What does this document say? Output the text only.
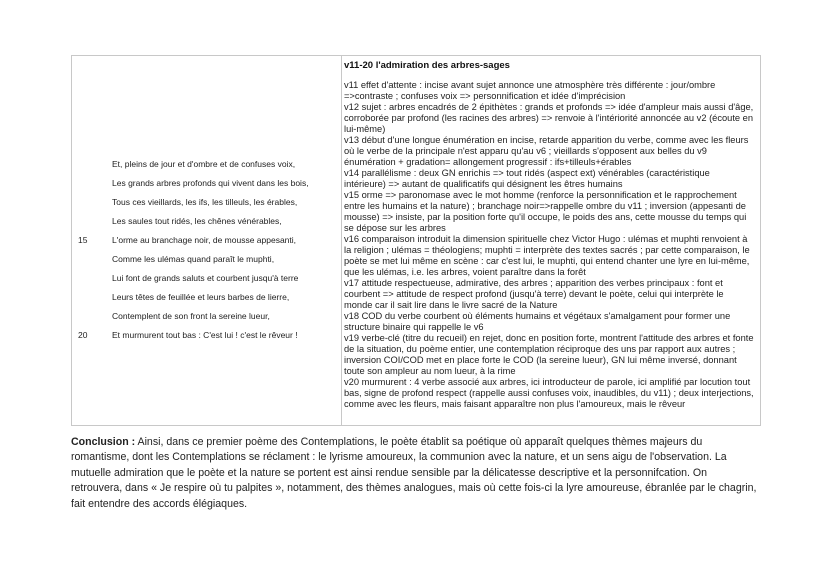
Et, pleins de jour et d'ombre et de confuses voix,
Les grands arbres profonds qui vivent dans les bois,
Tous ces vieillards, les ifs, les tilleuls, les érables,
Les saules tout ridés, les chênes vénérables,
15	L'orme au branchage noir, de mousse appesanti,
Comme les ulémas quand paraît le muphti,
Lui font de grands saluts et courbent jusqu'à terre
Leurs têtes de feuillée et leurs barbes de lierre,
Contemplent de son front la sereine lueur,
20	Et murmurent tout bas : C'est lui ! c'est le rêveur !

v11-20 l'admiration des arbres-sages

v11 effet d'attente : incise avant sujet annonce une atmosphère très différente : jour/ombre =>contraste ; confuses voix => personnification et idée d'imprécision

v12 sujet : arbres encadrés de 2 épithètes : grands et profonds => idée d'ampleur mais aussi d'âge, corroborée par profond (les racines des arbres) => renvoie à l'intériorité annoncée au v2 (écoute en lui-même)

v13 début d'une longue énumération en incise, retarde apparition du verbe, comme avec les fleurs où le verbe de la principale n'est apparu qu'au v6 ; vieillards s'opposent aux belles du v9

énumération + gradation= allongement progressif : ifs+tilleuls+érables

v14 parallélisme : deux GN enrichis => tout ridés (aspect ext) vénérables (caractéristique intérieure) => autant de qualificatifs qui désignent les êtres humains

v15 orme => paronomase avec le mot homme (renforce la personnification et le rapprochement entre les humains et la nature) ; branchage noir=>rappelle ombre du v11 ; inversion (appesanti de mousse) => insiste, par la position forte qu'il occupe, le poids des ans, cette mousse du temps qui se dépose sur les arbres

v16 comparaison introduit la dimension spirituelle chez Victor Hugo : ulémas et muphti renvoient à la religion ; ulémas = théologiens; muphti = interprète des textes sacrés ; par cette comparaison, le poète se met lui même en scène : car c'est lui, le muphti, qui entend chanter une lyre en lui-même, que les ulémas, i.e. les arbres, voient paraître dans la forêt

v17 attitude respectueuse, admirative, des arbres ; apparition des verbes principaux : font et courbent => attitude de respect profond (jusqu'à terre) devant le poète, celui qui interprète le monde car il sait lire dans le livre sacré de la Nature

v18 COD du verbe courbent où éléments humains et végétaux s'amalgament pour former une structure binaire qui rappelle le v6

v19 verbe-clé (titre du recueil) en rejet, donc en position forte, montrent l'attitude des arbres et fonte de la situation, du poème entier, une contemplation réciproque des uns par rapport aux autres ; inversion COI/COD met en place forte le COD (la sereine lueur), GN lui même inversé, donnant toute son ampleur au nom lueur, à la rime

v20 murmurent : 4 verbe associé aux arbres, ici introducteur de parole, ici amplifié par locution tout bas, signe de profond respect (rappelle aussi confuses voix, inaudibles, du v11) ; deux interjections, comme avec les fleurs, mais faisant apparaître non plus l'amoureux, mais le rêveur

Conclusion : Ainsi, dans ce premier poème des Contemplations, le poète établit sa poétique où apparaît quelques thèmes majeurs du romantisme, dont les Contemplations se réclament : le lyrisme amoureux, la communion avec la nature, et un sens aigu de l'observation. La mutuelle admiration que le poète et la nature se portent est ainsi rendue sensible par la délicatesse descriptive et la personnifcation. On retrouvera, dans « Je respire où tu palpites », notamment, des thèmes analogues, mais où cette fois-ci la lyre amoureuse, ébranlée par le chagrin, fait entendre des accords élégiaques.
